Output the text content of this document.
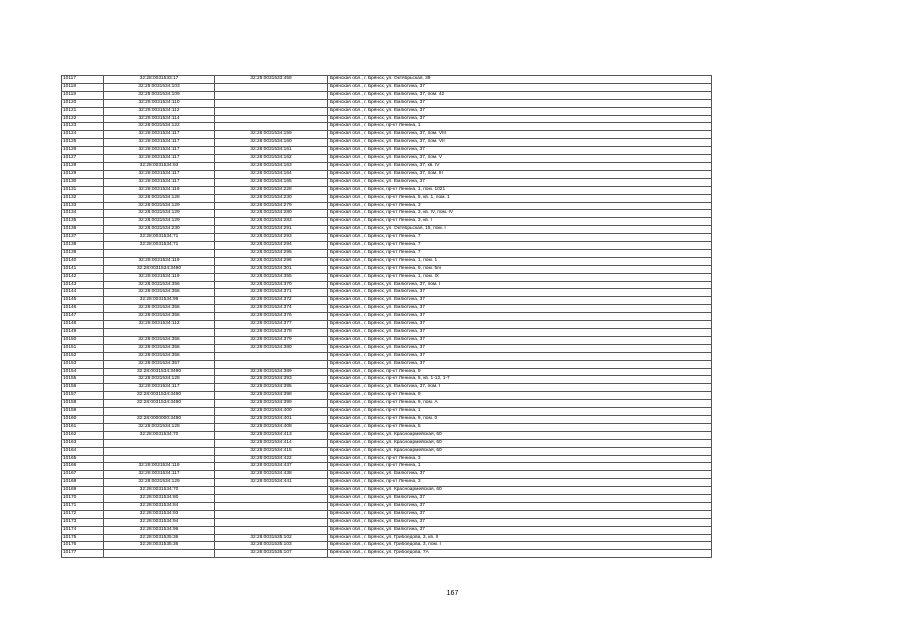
10117	32:28:0031533:17	32:28:0031533:459	Брянская обл., г. Брянск, ул. Октябрьская, 39
10118	32:28:0031534:103		Брянская обл., г. Брянск, ул. Емлютина, 37
10119	32:28:0031534:109		Брянская обл., г. Брянск, ул. Емлютина, 37, пом. 42
10120	32:28:0031534:110		Брянская обл., г. Брянск, ул. Емлютина, 37
10121	32:28:0031534:112		Брянская обл., г. Брянск, ул. Емлютина, 37
10122	32:28:0031534:114		Брянская обл., г. Брянск, ул. Емлютина, 37
10123	32:28:0031534:122		Брянская обл., г. Брянск, пр-кт Ленина, 1
10124	32:28:0031534:117	32:28:0031534:159	Брянская обл., г. Брянск, ул. Емлютина, 37, пом. VIII
10125	32:28:0031534:117	32:28:0031534:160	Брянская обл., г. Брянск, ул. Емлютина, 37, пом. VII
10126	32:28:0031534:117	32:28:0031534:161	Брянская обл., г. Брянск, ул. Емлютина, 37
10127	32:28:0031534:117	32:28:0031534:162	Брянская обл., г. Брянск, ул. Емлютина, 37, пом. V
10128	32:28:0031534:93	32:28:0031534:163	Брянская обл., г. Брянск, ул. Емлютина, 37, кв. IV
10129	32:28:0031534:117	32:28:0031534:164	Брянская обл., г. Брянск, ул. Емлютина, 37, пом. III
10130	32:28:0031534:117	32:28:0031534:165	Брянская обл., г. Брянск, ул. Емлютина, 37
10131	32:28:0031534:119	32:28:0031534:228	Брянская обл., г. Брянск, пр-кт Ленина, 1, пом. 1021
10132	32:28:0031534:128	32:28:0031534:230	Брянская обл., г. Брянск, пр-кт Ленина, 5, кв. 1, пом. 1
10133	32:28:0031534:129	32:28:0031534:279	Брянская обл., г. Брянск, пр-кт Ленина, 3
10134	32:28:0031534:129	32:28:0031534:280	Брянская обл., г. Брянск, пр-кт Ленина, 3, кв. IV, пом. IV
10135	32:28:0031534:129	32:28:0031534:283	Брянская обл., г. Брянск, пр-кт Ленина, 3, кв. I
10136	32:28:0031534:230	32:28:0031534:291	Брянская обл., г. Брянск, ул. Октябрьская, 15, пом. I
10137	32:28:0031534:71	32:28:0031534:293	Брянская обл., г. Брянск, пр-кт Ленина, 7
10138	32:28:0031534:71	32:28:0031534:294	Брянская обл., г. Брянск, пр-кт Ленина, 7
10139		32:28:0031534:295	Брянская обл., г. Брянск, пр-кт Ленина, 7
10140	32:28:0031534:119	32:28:0031534:296	Брянская обл., г. Брянск, пр-кт Ленина, 1, пом. 1
10141	32:28:0031534:3490	32:28:0031534:301	Брянская обл., г. Брянск, пр-кт Ленина, 9, пом. 5/н
10142	32:28:0031534:119	32:28:0031534:355	Брянская обл., г. Брянск, пр-кт Ленина, 1, пом. IX
10143	32:28:0031534:356	32:28:0031534:370	Брянская обл., г. Брянск, ул. Емлютина, 37, пом. I
10144	32:28:0031534:356	32:28:0031534:371	Брянская обл., г. Брянск, ул. Емлютина, 37
10145	32:28:0031534:99	32:28:0031534:372	Брянская обл., г. Брянск, ул. Емлютина, 37
10146	32:28:0031534:356	32:28:0031534:374	Брянская обл., г. Брянск, ул. Емлютина, 37
10147	32:28:0031534:356	32:28:0031534:376	Брянская обл., г. Брянск, ул. Емлютина, 37
10148	32:28:0031534:112	32:28:0031534:377	Брянская обл., г. Брянск, ул. Емлютина, 37
10149		32:28:0031534:378	Брянская обл., г. Брянск, ул. Емлютина, 37
10150	32:28:0031534:356	32:28:0031534:379	Брянская обл., г. Брянск, ул. Емлютина, 37
10151	32:28:0031534:356	32:28:0031534:380	Брянская обл., г. Брянск, ул. Емлютина, 37
10152	32:28:0031534:356		Брянская обл., г. Брянск, ул. Емлютина, 37
10153	32:28:0031534:357		Брянская обл., г. Брянск, ул. Емлютина, 37
10154	32:28:0031534:3490	32:28:0031534:389	Брянская обл., г. Брянск, пр-кт Ленина, 9
10155	32:28:0031534:128	32:28:0031534:393	Брянская обл., г. Брянск, пр-кт Ленина, 5, кв. 1-12, 1-7
10156	32:28:0031534:117	32:28:0031534:395	Брянская обл., г. Брянск, ул. Емлютина, 37, пом. I
10157	32:28:0031534:3490	32:28:0031534:398	Брянская обл., г. Брянск, пр-кт Ленина, 9
10158	32:28:0031534:3490	32:28:0031534:399	Брянская обл., г. Брянск, пр-кт Ленина, 9, пом. А
10159		32:28:0031534:400	Брянская обл., г. Брянск, пр-кт Ленина, 1
10160	32:28:0000000:3490	32:28:0031534:401	Брянская обл., г. Брянск, пр-кт Ленина, 9, пом. 0
10161	32:28:0031534:128	32:28:0031534:408	Брянская обл., г. Брянск, пр-кт Ленина, 5
10162	32:28:0031534:70	32:28:0031534:413	Брянская обл., г. Брянск, ул. Красноармейская, 60
10163		32:28:0031534:414	Брянская обл., г. Брянск, ул. Красноармейская, 60
10164		32:28:0031534:415	Брянская обл., г. Брянск, ул. Красноармейская, 60
10165		32:28:0031534:422	Брянская обл., г. Брянск, пр-кт Ленина, 3
10166	32:28:0031534:119	32:28:0031534:437	Брянская обл., г. Брянск, пр-кт Ленина, 1
10167	32:28:0031534:117	32:28:0031534:438	Брянская обл., г. Брянск, ул. Емлютина, 37
10168	32:28:0031534:129	32:28:0031534:441	Брянская обл., г. Брянск, пр-кт Ленина, 3
10169	32:28:0031534:70		Брянская обл., г. Брянск, ул. Красноармейская, 60
10170	32:28:0031534:80		Брянская обл., г. Брянск, ул. Емлютина, 37
10171	32:28:0031534:84		Брянская обл., г. Брянск, ул. Емлютина, 37
10172	32:28:0031534:93		Брянская обл., г. Брянск, ул. Емлютина, 37
10173	32:28:0031534:94		Брянская обл., г. Брянск, ул. Емлютина, 37
10174	32:28:0031534:96		Брянская обл., г. Брянск, ул. Емлютина, 37
10175	32:28:0031535:36	32:28:0031535:102	Брянская обл., г. Брянск, ул. Грибоедова, 3, кв. II
10176	32:28:0031535:36	32:28:0031535:103	Брянская обл., г. Брянск, ул. Грибоедова, 3, пом. I
10177		32:28:0031535:107	Брянская обл., г. Брянск, ул. Грибоедова, 7А
167
